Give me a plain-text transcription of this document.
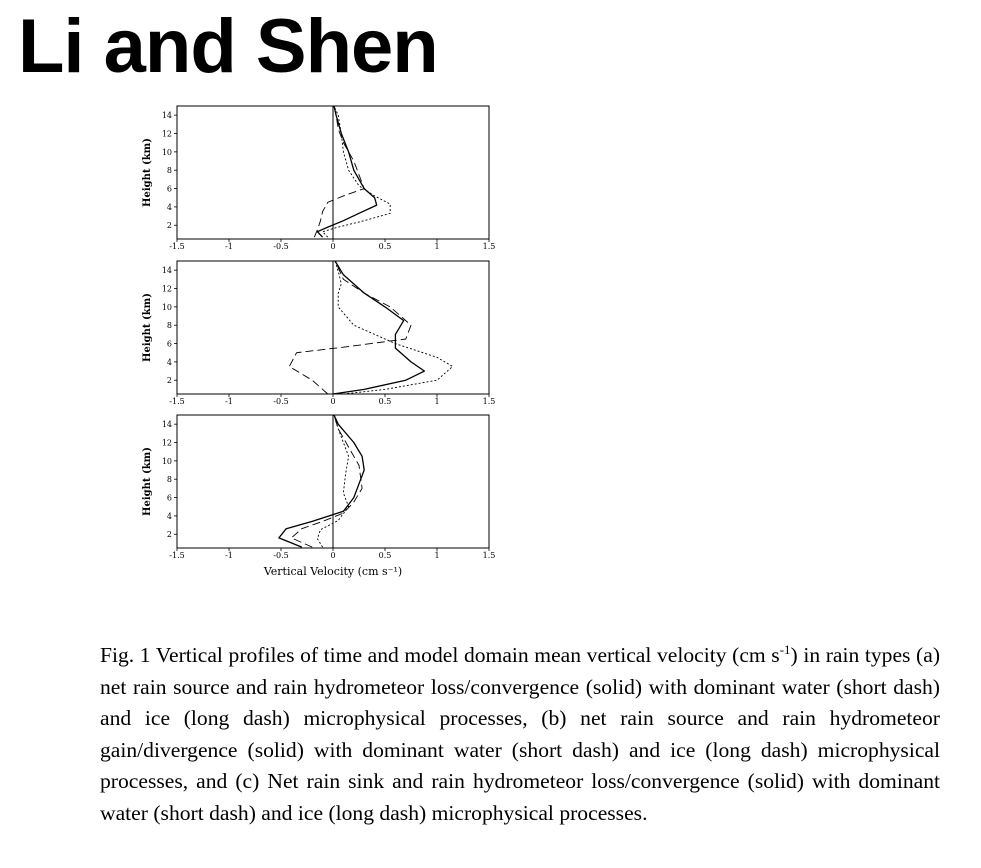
Li and Shen
-1.5	-1	-0.5	0	0.5	1	1.5
2
4
6
8
10
12
14
Height (km)
-1.5	-1	-0.5	0	0.5	1	1.5
2
4
6
8
10
12
14
Height (km)
-1.5	-1	-0.5	0	0.5	1	1.5
2
4
6
8
10
12
14
Height (km)
Vertical Velocity (cm s⁻¹)

Fig. 1 Vertical profiles of time and model domain mean vertical velocity (cm $s^{-1}$) in rain types (a) net rain source and rain hydrometeor loss/convergence (solid) with dominant water (short dash) and ice (long dash) microphysical processes, (b) net rain source and rain hydrometeor gain/divergence (solid) with dominant water (short dash) and ice (long dash) microphysical processes, and (c) Net rain sink and rain hydrometeor loss/convergence (solid) with dominant water (short dash) and ice (long dash) microphysical processes.
